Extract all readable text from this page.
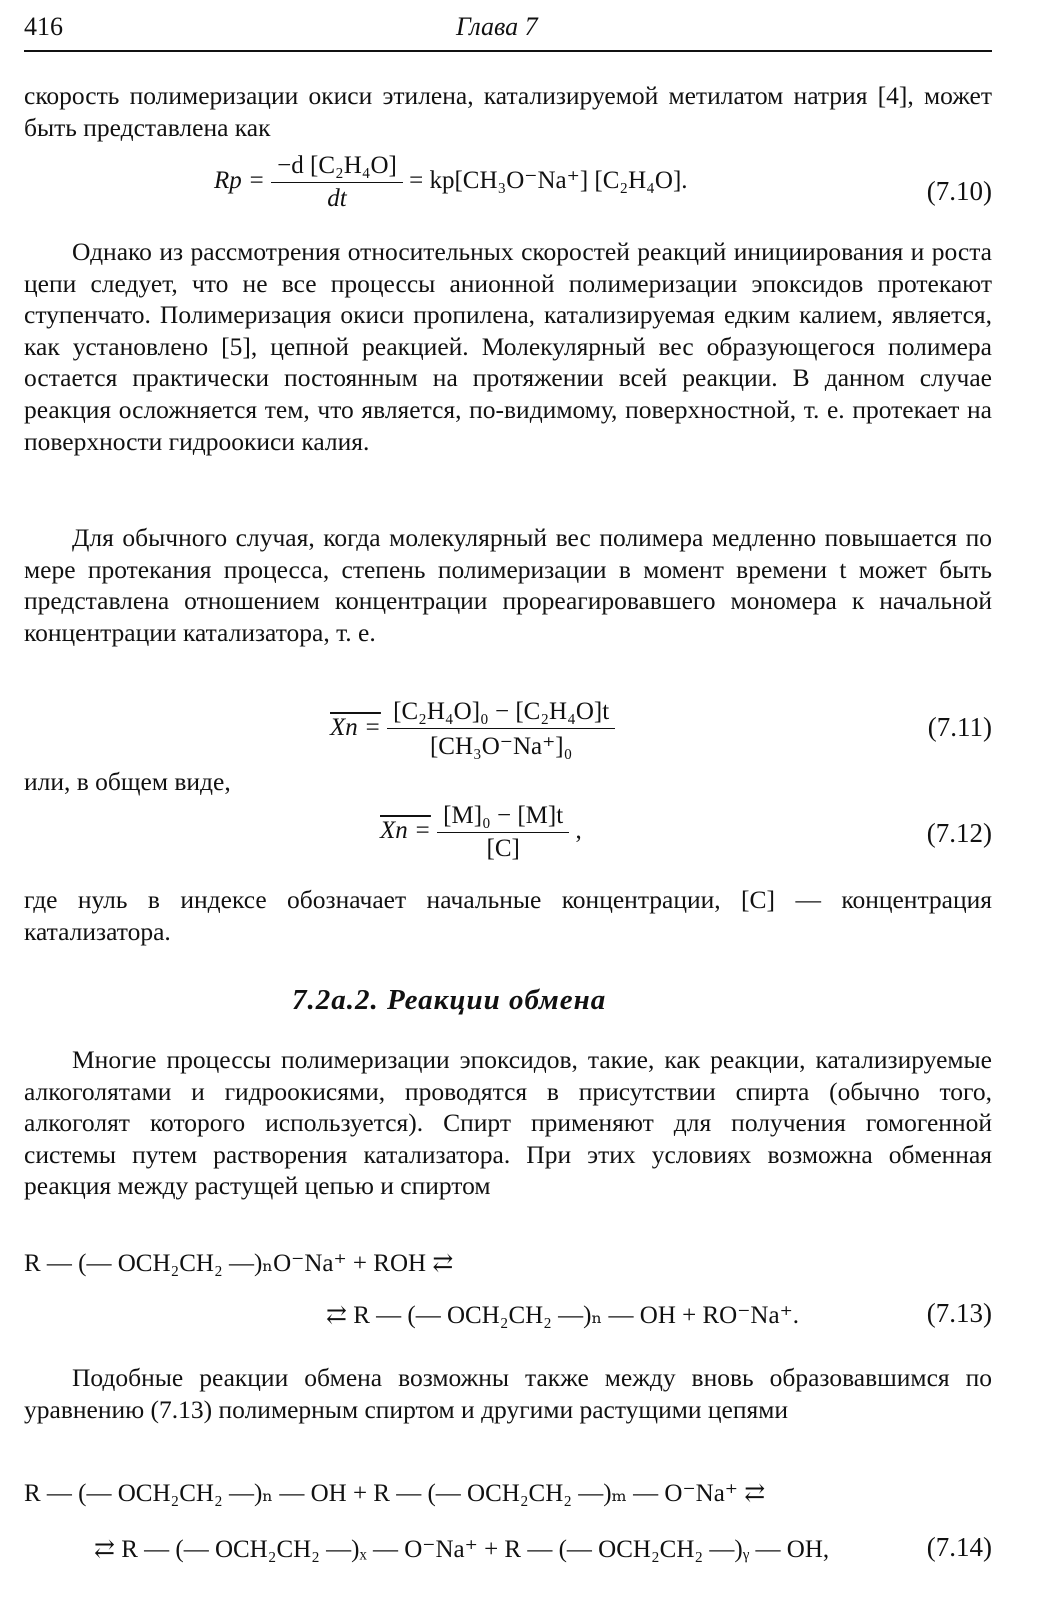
416	Глава 7

скорость полимеризации окиси этилена, катализируемой метилатом натрия [4], может быть представлена как

$Rp = \frac{\text{−d [C₂H₄O]}}{dt} = kp[CH_3O^-Na^+]$ [C₂H₄O].	(7.10)

Однако из рассмотрения относительных скоростей реакций инициирования и роста цепи следует, что не все процессы анионной полимеризации эпоксидов протекают ступенчато. Полимеризация окиси пропилена, катализируемая едким калием, является, как установлено [5], цепной реакцией. Молекулярный вес образующегося полимера остается практически постоянным на протяжении всей реакции. В данном случае реакция осложняется тем, что является, по-видимому, поверхностной, т. е. протекает на поверхности гидроокиси калия.

Для обычного случая, когда молекулярный вес полимера медленно повышается по мере протекания процесса, степень полимеризации в момент времени t может быть представлена отношением концентрации прореагировавшего мономера к начальной концентрации катализатора, т. е.

$Xn = \frac{\text{[C₂H₄O]₀ − [C₂H₄O]t}}{\text{[CH₃O⁻Na⁺]₀}}$	(7.11)

или, в общем виде,

$Xn = \frac{\text{[M]₀ − [M]t}}{[C]}$ ,	(7.12)

где нуль в индексе обозначает начальные концентрации, [C] — концентрация катализатора.

7.2а.2. Реакции обмена

Многие процессы полимеризации эпоксидов, такие, как реакции, катализируемые алкоголятами и гидроокисями, проводятся в присутствии спирта (обычно того, алкоголят которого используется). Спирт применяют для получения гомогенной системы путем растворения катализатора. При этих условиях возможна обменная реакция между растущей цепью и спиртом

R — (— OCH₂CH₂ —)ₙO⁻Na⁺ + ROH ⇄
⇄ R — (— OCH₂CH₂ —)ₙ — OH + RO⁻Na⁺.	(7.13)

Подобные реакции обмена возможны также между вновь образовавшимся по уравнению (7.13) полимерным спиртом и другими растущими цепями

R — (— OCH₂CH₂ —)ₙ — OH + R — (— OCH₂CH₂ —)ₘ — O⁻Na⁺ ⇄
⇄ R — (— OCH₂CH₂ —)ₓ — O⁻Na⁺ + R — (— OCH₂CH₂ —)ᵧ — OH,	(7.14)
